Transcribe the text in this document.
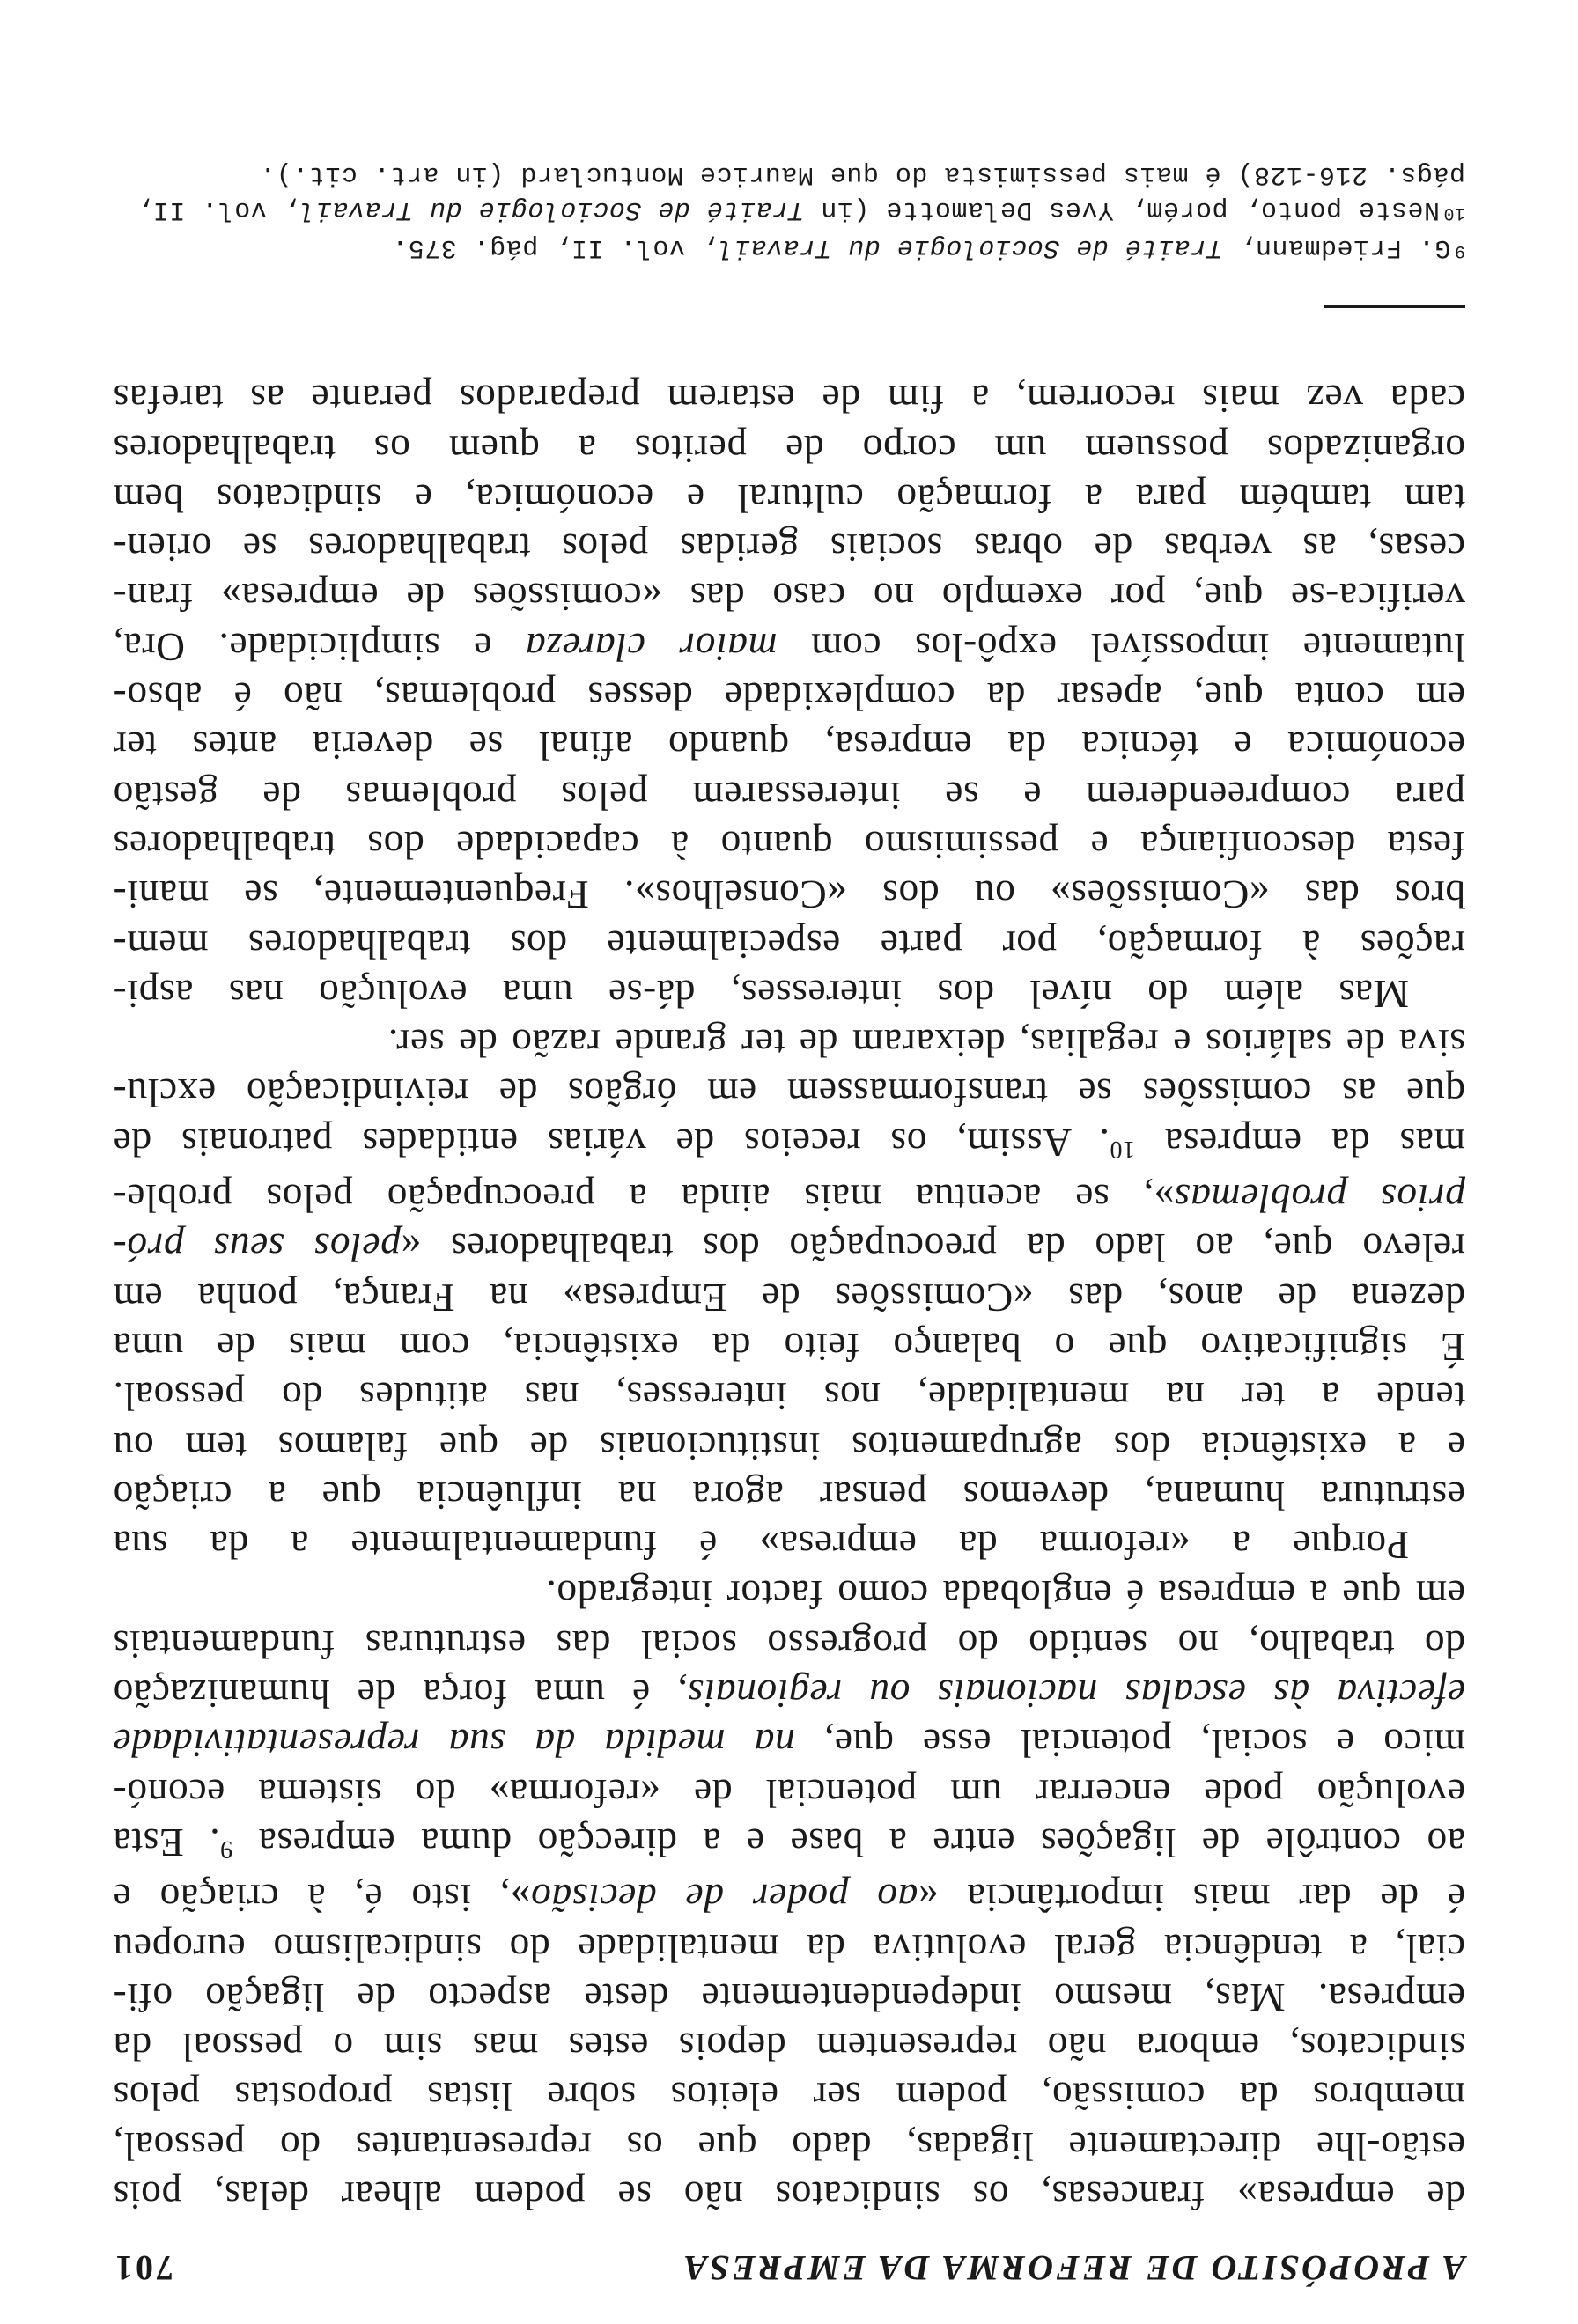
A PROPÓSITO DE REFORMA DA EMPRESA
701
de empresa» francesas, os sindicatos não se podem alhear delas, pois
estão-lhe directamente ligadas, dado que os representantes do pessoal,
membros da comissão, podem ser eleitos sobre listas propostas pelos
sindicatos, embora não representem depois estes mas sim o pessoal da
empresa. Mas, mesmo independentemente deste aspecto de ligação ofi-
cial, a tendência geral evolutiva da mentalidade do sindicalismo europeu
é de dar mais importância «ao poder de decisão», isto é, à criação e
ao contrôle de ligações entre a base e a direcção duma empresa $^9$. Esta
evolução pode encerrar um potencial de «reforma» do sistema econó-
mico e social, potencial esse que, na medida da sua representatividade
efectiva às escalas nacionais ou regionais, é uma força de humanização
do trabalho, no sentido do progresso social das estruturas fundamentais
em que a empresa é englobada como factor integrado.
Porque a «reforma da empresa» é fundamentalmente a da sua
estrutura humana, devemos pensar agora na influência que a criação
e a existência dos agrupamentos institucionais de que falamos tem ou
tende a ter na mentalidade, nos interesses, nas atitudes do pessoal.
É significativo que o balanço feito da existência, com mais de uma
dezena de anos, das «Comissões de Empresa» na França, ponha em
relevo que, ao lado da preocupação dos trabalhadores «pelos seus pró-
prios problemas», se acentua mais ainda a preocupação pelos proble-
mas da empresa $^{10}$. Assim, os receios de várias entidades patronais de
que as comissões se transformassem em órgãos de reivindicação exclu-
siva de salários e regalias, deixaram de ter grande razão de ser.
Mas além do nível dos interesses, dá-se uma evolução nas aspi-
rações à formação, por parte especialmente dos trabalhadores mem-
bros das «Comissões» ou dos «Conselhos». Frequentemente, se mani-
festa desconfiança e pessimismo quanto à capacidade dos trabalhadores
para compreenderem e se interessarem pelos problemas de gestão
económica e técnica da empresa, quando afinal se deveria antes ter
em conta que, apesar da complexidade desses problemas, não é abso-
lutamente impossível expô-los com maior clareza e simplicidade. Ora,
verifica-se que, por exemplo no caso das «comissões de empresa» fran-
cesas, as verbas de obras sociais geridas pelos trabalhadores se orien-
tam também para a formação cultural e económica, e sindicatos bem
organizados possuem um corpo de peritos a quem os trabalhadores
cada vez mais recorrem, a fim de estarem preparados perante as tarefas
$^9$G. Friedmann, Traité de Sociologie du Travail, vol. II, pág. 375.
$^{10}$Neste ponto, porém, Yves Delamotte (in Traité de Sociologie du Travail, vol. II,
págs. 216-128) é mais pessimista do que Maurice Montuclard (in art. cit.).
